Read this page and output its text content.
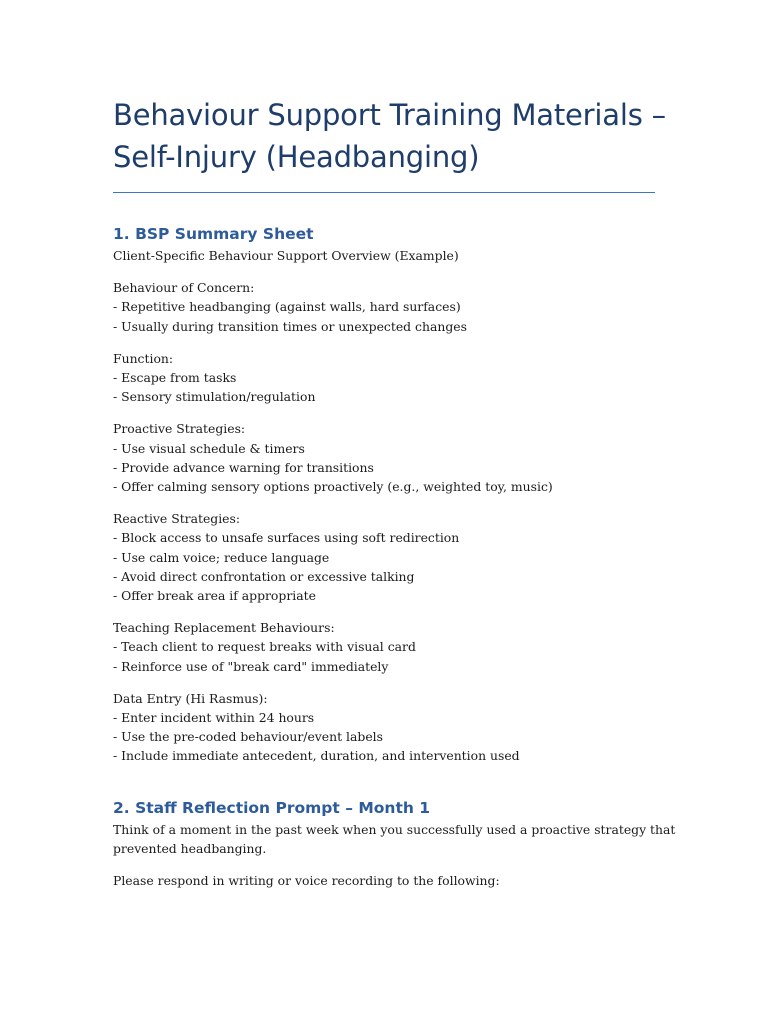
Behaviour Support Training Materials –
Self-Injury (Headbanging)
1. BSP Summary Sheet

Client-Specific Behaviour Support Overview (Example)

Behaviour of Concern:
- Repetitive headbanging (against walls, hard surfaces)
- Usually during transition times or unexpected changes

Function:
- Escape from tasks
- Sensory stimulation/regulation

Proactive Strategies:
- Use visual schedule & timers
- Provide advance warning for transitions
- Offer calming sensory options proactively (e.g., weighted toy, music)

Reactive Strategies:
- Block access to unsafe surfaces using soft redirection
- Use calm voice; reduce language
- Avoid direct confrontation or excessive talking
- Offer break area if appropriate

Teaching Replacement Behaviours:
- Teach client to request breaks with visual card
- Reinforce use of "break card" immediately

Data Entry (Hi Rasmus):
- Enter incident within 24 hours
- Use the pre-coded behaviour/event labels
- Include immediate antecedent, duration, and intervention used

2. Staff Reflection Prompt – Month 1

Think of a moment in the past week when you successfully used a proactive strategy that
prevented headbanging.

Please respond in writing or voice recording to the following:
